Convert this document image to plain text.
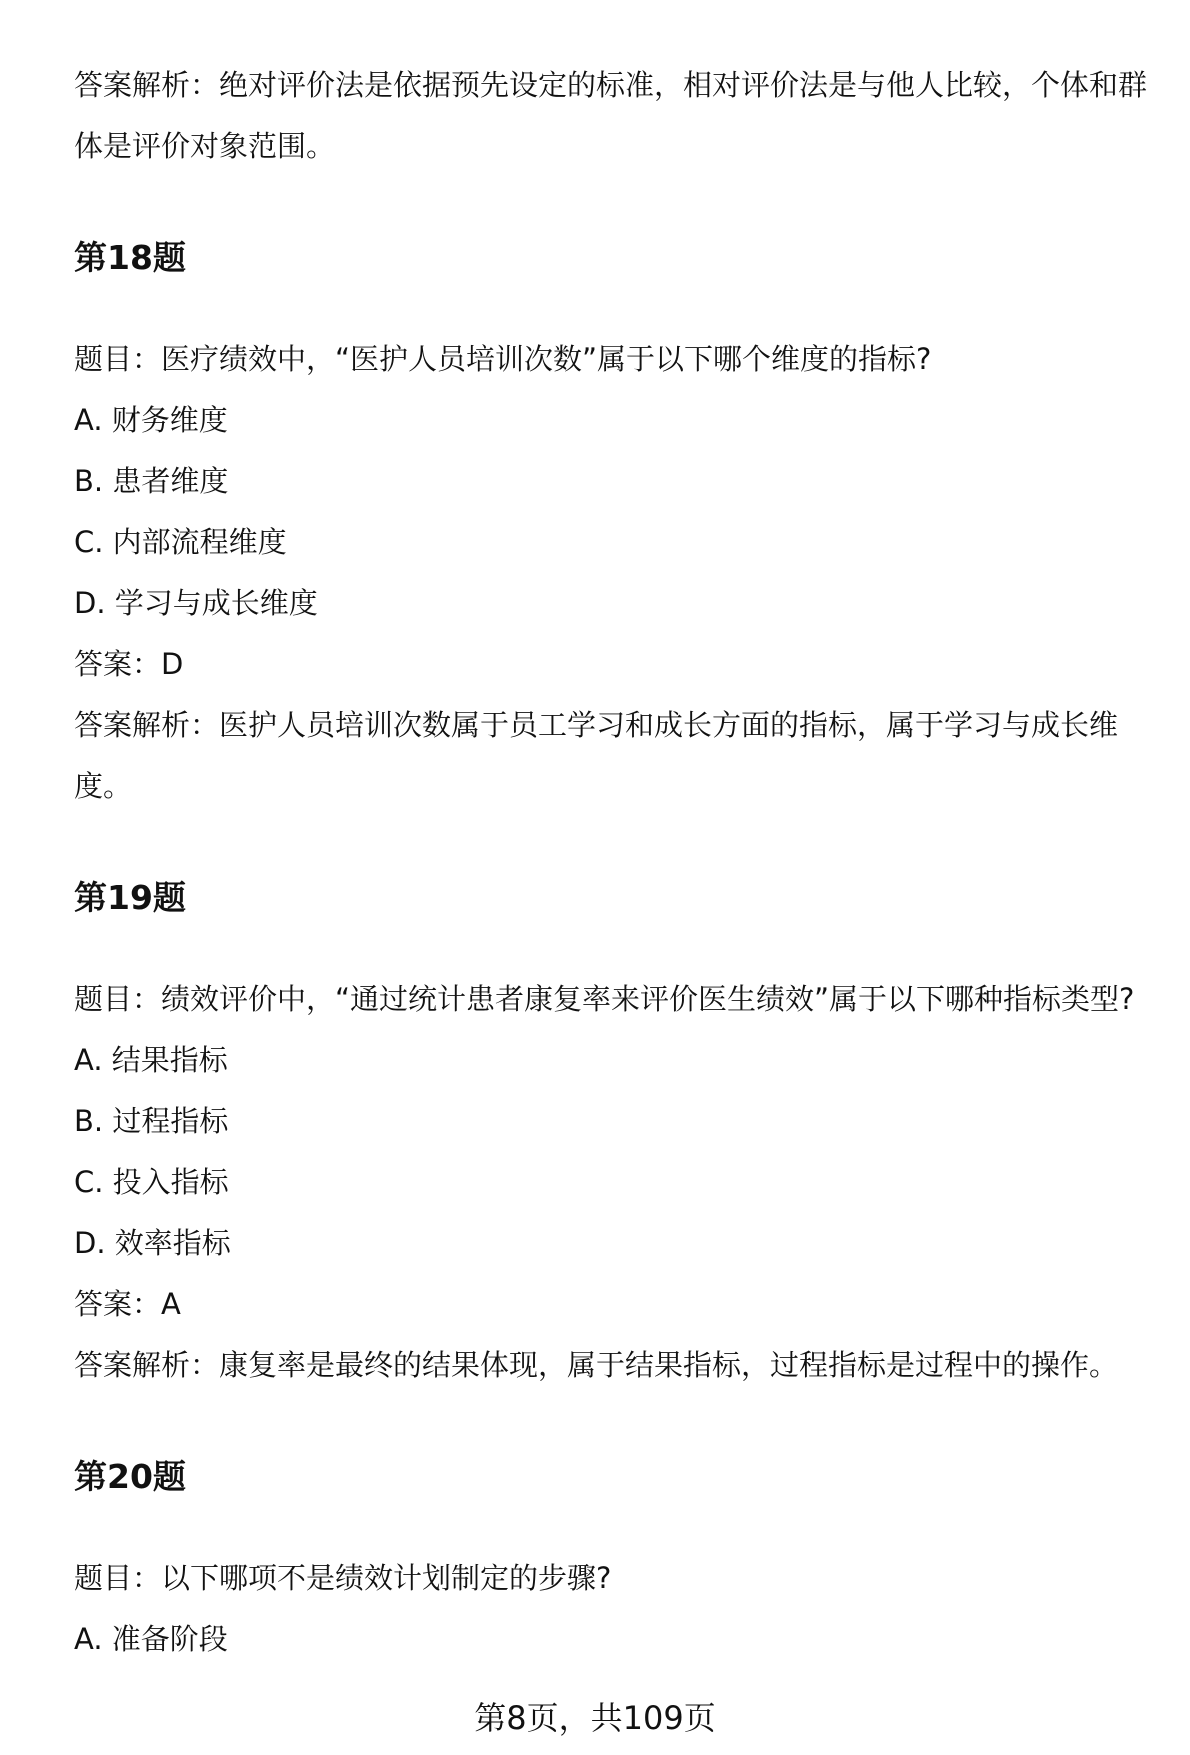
答案解析：绝对评价法是依据预先设定的标准，相对评价法是与他人比较，个体和群体是评价对象范围。

第18题

题目：医疗绩效中，“医护人员培训次数”属于以下哪个维度的指标?

A. 财务维度

B. 患者维度

C. 内部流程维度

D. 学习与成长维度

答案：D

答案解析：医护人员培训次数属于员工学习和成长方面的指标，属于学习与成长维度。

第19题

题目：绩效评价中，“通过统计患者康复率来评价医生绩效”属于以下哪种指标类型?

A. 结果指标

B. 过程指标

C. 投入指标

D. 效率指标

答案：A

答案解析：康复率是最终的结果体现，属于结果指标，过程指标是过程中的操作。

第20题

题目：以下哪项不是绩效计划制定的步骤?

A. 准备阶段

第8页，共109页
